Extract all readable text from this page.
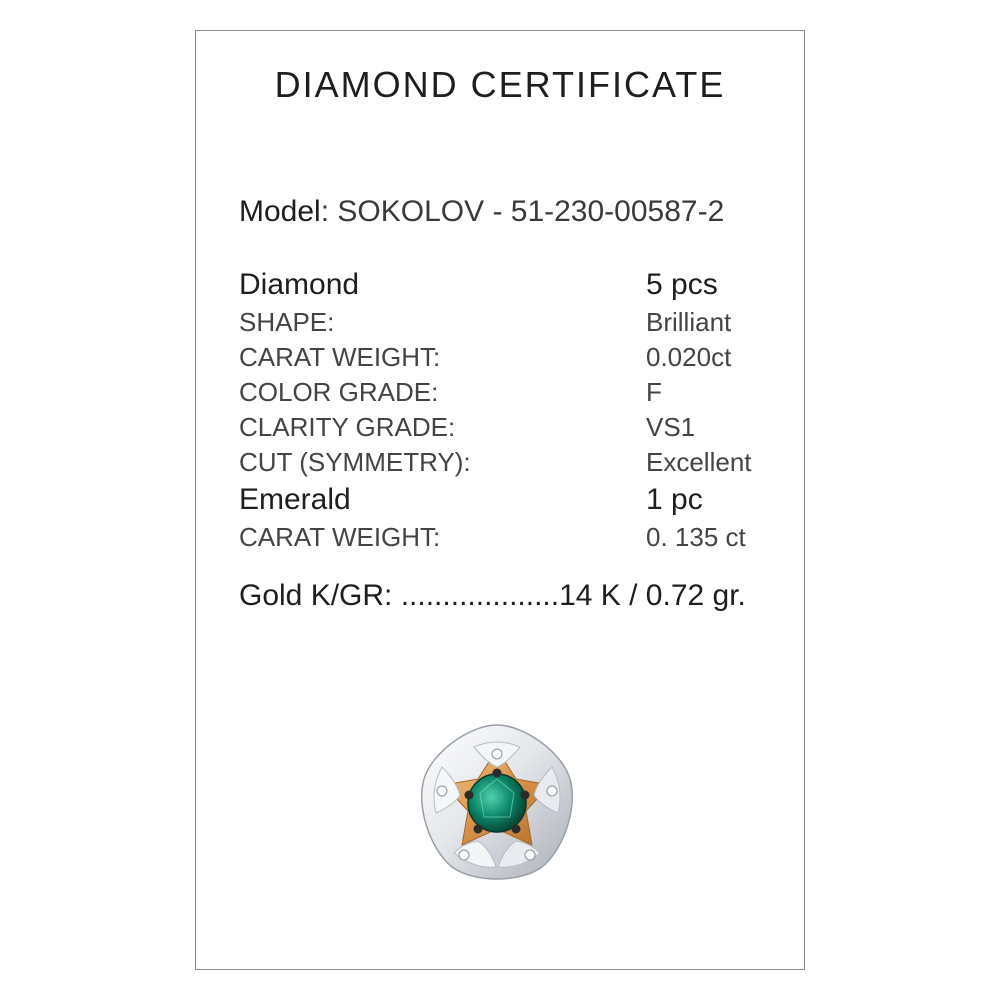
DIAMOND CERTIFICATE
Model: SOKOLOV - 51-230-00587-2
Diamond	5 pcs
SHAPE:	Brilliant
CARAT WEIGHT:	0.020ct
COLOR GRADE:	F
CLARITY GRADE:	VS1
CUT (SYMMETRY):	Excellent
Emerald	1 pc
CARAT WEIGHT:	0. 135 ct
Gold K/GR: ...................14 K / 0.72 gr.
